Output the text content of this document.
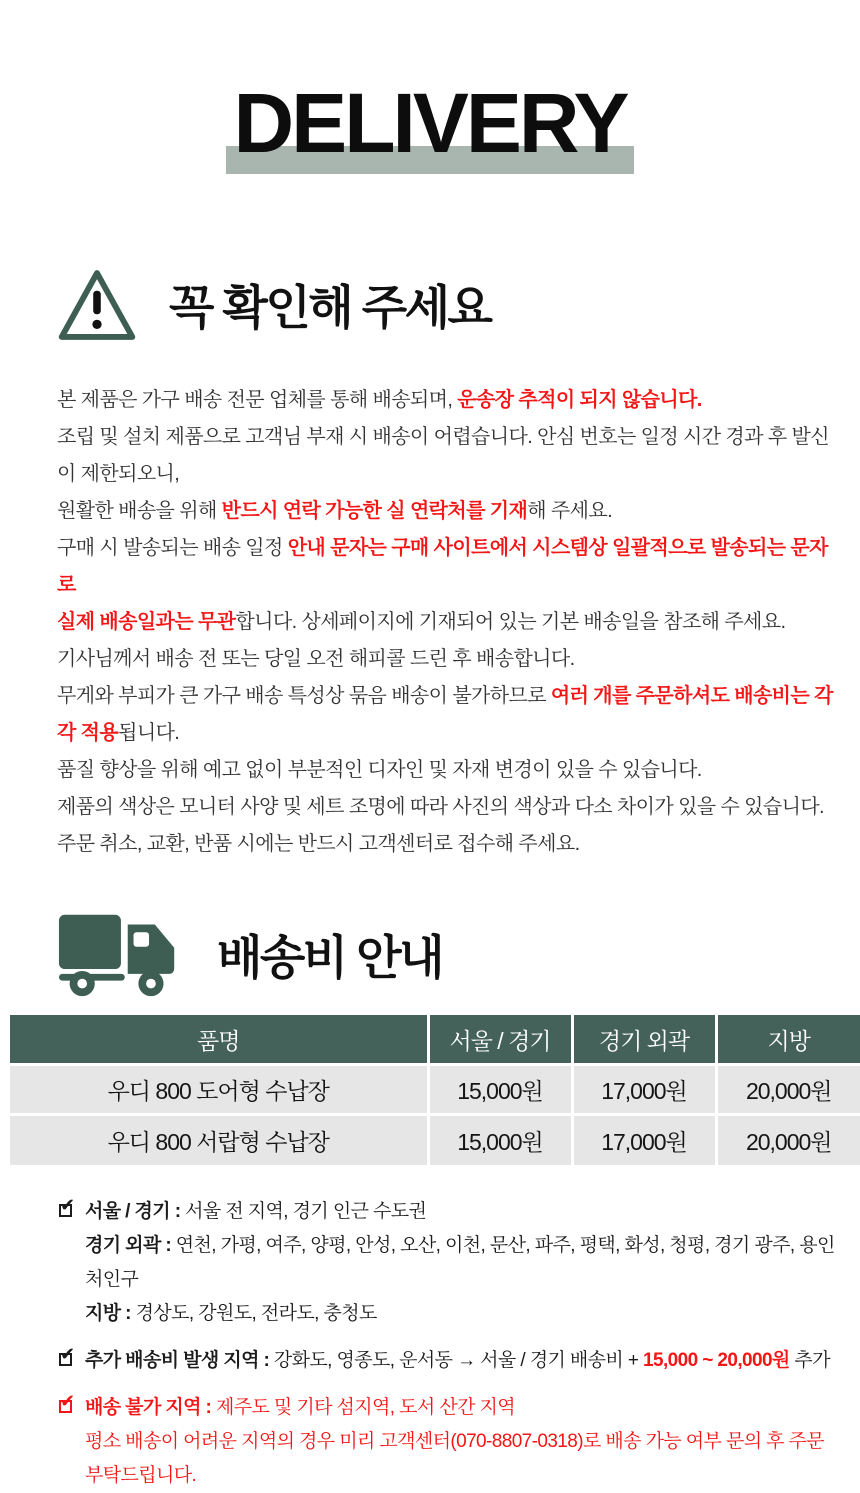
DELIVERY
꼭 확인해 주세요

본 제품은 가구 배송 전문 업체를 통해 배송되며, 운송장 추적이 되지 않습니다.

조립 및 설치 제품으로 고객님 부재 시 배송이 어렵습니다. 안심 번호는 일정 시간 경과 후 발신이 제한되오니,

원활한 배송을 위해 반드시 연락 가능한 실 연락처를 기재해 주세요.

구매 시 발송되는 배송 일정 안내 문자는 구매 사이트에서 시스템상 일괄적으로 발송되는 문자로

실제 배송일과는 무관합니다. 상세페이지에 기재되어 있는 기본 배송일을 참조해 주세요.

기사님께서 배송 전 또는 당일 오전 해피콜 드린 후 배송합니다.

무게와 부피가 큰 가구 배송 특성상 묶음 배송이 불가하므로 여러 개를 주문하셔도 배송비는 각각 적용됩니다.

품질 향상을 위해 예고 없이 부분적인 디자인 및 자재 변경이 있을 수 있습니다.

제품의 색상은 모니터 사양 및 세트 조명에 따라 사진의 색상과 다소 차이가 있을 수 있습니다.

주문 취소, 교환, 반품 시에는 반드시 고객센터로 접수해 주세요.

배송비 안내
품명	서울 / 경기	경기 외곽	지방
우디 800 도어형 수납장	15,000원	17,000원	20,000원
우디 800 서랍형 수납장	15,000원	17,000원	20,000원
✔
서울 / 경기 : 서울 전 지역, 경기 인근 수도권
경기 외곽 : 연천, 가평, 여주, 양평, 안성, 오산, 이천, 문산, 파주, 평택, 화성, 청평, 경기 광주, 용인 처인구
지방 : 경상도, 강원도, 전라도, 충청도
✔
추가 배송비 발생 지역 : 강화도, 영종도, 운서동 → 서울 / 경기 배송비 + 15,000 ~ 20,000원 추가
✔
배송 불가 지역 : 제주도 및 기타 섬지역, 도서 산간 지역
평소 배송이 어려운 지역의 경우 미리 고객센터(070-8807-0318)로 배송 가능 여부 문의 후 주문 부탁드립니다.
